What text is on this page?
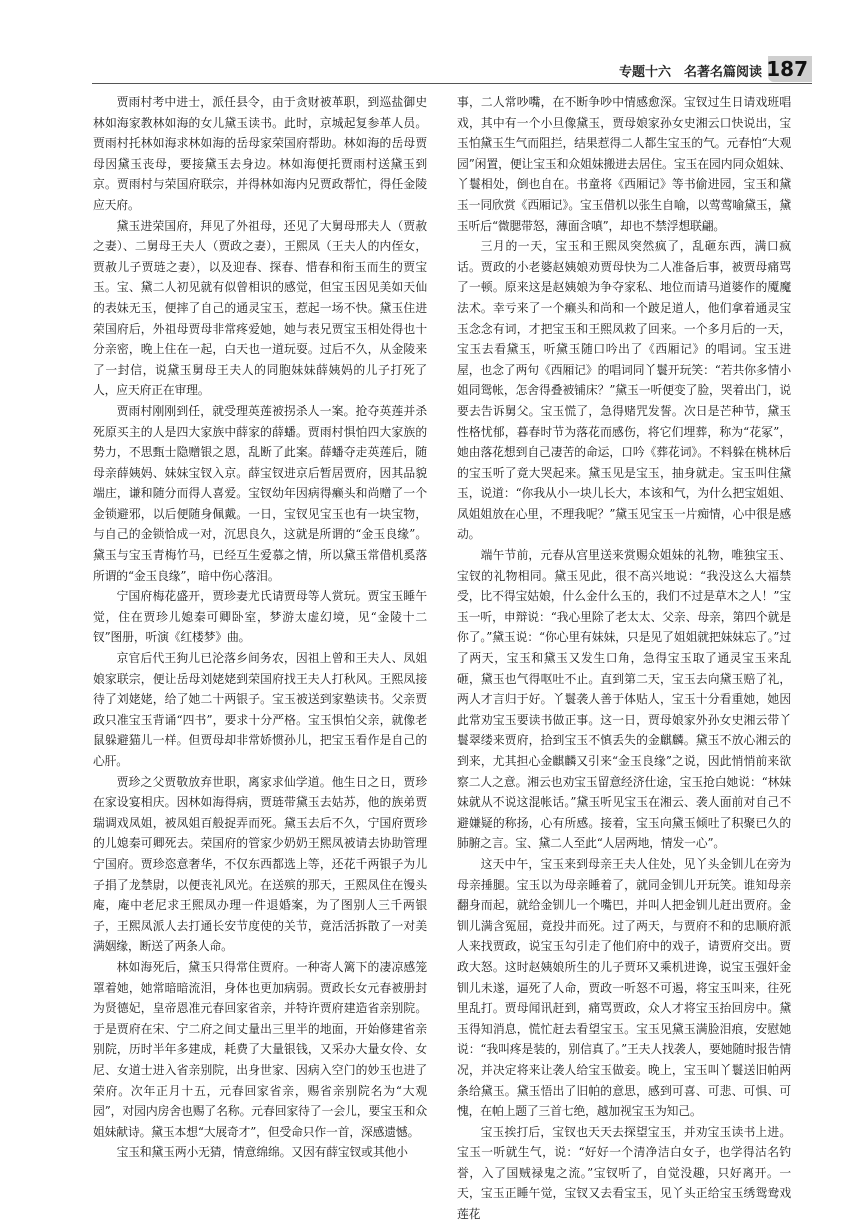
专题十六　名著名篇阅读 187

贾雨村考中进士，派任县令，由于贪财被革职，到巡盐御史林如海家教林如海的女儿黛玉读书。此时，京城起复参革人员。贾雨村托林如海求林如海的岳母家荣国府帮助。林如海的岳母贾母因黛玉丧母，要接黛玉去身边。林如海便托贾雨村送黛玉到京。贾雨村与荣国府联宗，并得林如海内兄贾政帮忙，得任金陵应天府。

黛玉进荣国府，拜见了外祖母，还见了大舅母邢夫人（贾赦之妻）、二舅母王夫人（贾政之妻），王熙凤（王夫人的内侄女，贾赦儿子贾琏之妻），以及迎春、探春、惜春和衔玉而生的贾宝玉。宝、黛二人初见就有似曾相识的感觉，但宝玉因见美如天仙的表妹无玉，便摔了自己的通灵宝玉，惹起一场不快。黛玉住进荣国府后，外祖母贾母非常疼爱她，她与表兄贾宝玉相处得也十分亲密，晚上住在一起，白天也一道玩耍。过后不久，从金陵来了一封信，说黛玉舅母王夫人的同胞妹妹薛姨妈的儿子打死了人，应天府正在审理。

贾雨村刚刚到任，就受理英莲被拐杀人一案。抢夺英莲并杀死原买主的人是四大家族中薛家的薛蟠。贾雨村惧怕四大家族的势力，不思甄士隐赠银之恩，乱断了此案。薛蟠夺走英莲后，随母亲薛姨妈、妹妹宝钗入京。薛宝钗进京后暂居贾府，因其品貌端庄，谦和随分而得人喜爱。宝钗幼年因病得癞头和尚赠了一个金锁避邪，以后便随身佩戴。一日，宝钗见宝玉也有一块宝物，与自己的金锁恰成一对，沉思良久，这就是所谓的“金玉良缘”。黛玉与宝玉青梅竹马，已经互生爱慕之情，所以黛玉常借机奚落所谓的“金玉良缘”，暗中伤心落泪。

宁国府梅花盛开，贾珍妻尤氏请贾母等人赏玩。贾宝玉睡午觉，住在贾珍儿媳秦可卿卧室，梦游太虚幻境，见“金陵十二钗”图册，听演《红楼梦》曲。

京官后代王狗儿已沦落乡间务农，因祖上曾和王夫人、凤姐娘家联宗，便让岳母刘姥姥到荣国府找王夫人打秋风。王熙凤接待了刘姥姥，给了她二十两银子。宝玉被送到家塾读书。父亲贾政只准宝玉背诵“四书”，要求十分严格。宝玉惧怕父亲，就像老鼠躲避猫儿一样。但贾母却非常娇惯孙儿，把宝玉看作是自己的心肝。

贾珍之父贾敬放弃世职，离家求仙学道。他生日之日，贾珍在家设宴相庆。因林如海得病，贾琏带黛玉去姑苏，他的族弟贾瑞调戏凤姐，被凤姐百般捉弄而死。黛玉去后不久，宁国府贾珍的儿媳秦可卿死去。荣国府的管家少奶奶王熙凤被请去协助管理宁国府。贾珍恣意奢华，不仅东西都选上等，还花千两银子为儿子捐了龙禁尉，以便丧礼风光。在送殡的那天，王熙凤住在馒头庵，庵中老尼求王熙凤办理一件退婚案，为了图别人三千两银子，王熙凤派人去打通长安节度使的关节，竟活活拆散了一对美满姻缘，断送了两条人命。

林如海死后，黛玉只得常住贾府。一种寄人篱下的凄凉感笼罩着她，她常暗暗流泪，身体也更加病弱。贾政长女元春被册封为贤德妃，皇帝恩准元春回家省亲，并特许贾府建造省亲别院。于是贾府在宋、宁二府之间丈量出三里半的地面，开始修建省亲别院，历时半年多建成，耗费了大量银钱，又采办大量女伶、女尼、女道士进入省亲别院，出身世家、因病入空门的妙玉也进了荣府。次年正月十五，元春回家省亲，赐省亲别院名为“大观园”，对园内房舍也赐了名称。元春回家待了一会儿，要宝玉和众姐妹献诗。黛玉本想“大展奇才”，但受命只作一首，深感遗憾。

宝玉和黛玉两小无猜，情意绵绵。又因有薛宝钗或其他小

事，二人常吵嘴，在不断争吵中情感愈深。宝钗过生日请戏班唱戏，其中有一个小旦像黛玉，贾母娘家孙女史湘云口快说出，宝玉怕黛玉生气而阻拦，结果惹得二人都生宝玉的气。元春怕“大观园”闲置，便让宝玉和众姐妹搬进去居住。宝玉在园内同众姐妹、丫鬟相处，倒也自在。书童将《西厢记》等书偷进园，宝玉和黛玉一同欣赏《西厢记》。宝玉借机以张生自喻，以莺莺喻黛玉，黛玉听后“微腮带怒，薄面含嗔”，却也不禁浮想联翩。

三月的一天，宝玉和王熙凤突然疯了，乱砸东西，满口疯话。贾政的小老婆赵姨娘劝贾母快为二人准备后事，被贾母痛骂了一顿。原来这是赵姨娘为争夺家私、地位而请马道婆作的魇魔法术。幸亏来了一个癞头和尚和一个跛足道人，他们拿着通灵宝玉念念有词，才把宝玉和王熙凤救了回来。一个多月后的一天，宝玉去看黛玉，听黛玉随口吟出了《西厢记》的唱词。宝玉进屋，也念了两句《西厢记》的唱词同丫鬟开玩笑：“若共你多情小姐同鸳帐，怎舍得叠被铺床？”黛玉一听便变了脸，哭着出门，说要去告诉舅父。宝玉慌了，急得赌咒发誓。次日是芒种节，黛玉性格忧郁，暮春时节为落花而感伤，将它们埋葬，称为“花冢”，她由落花想到自己凄苦的命运，口吟《葬花词》。不料躲在桃林后的宝玉听了竟大哭起来。黛玉见是宝玉，抽身就走。宝玉叫住黛玉，说道：“你我从小一块儿长大，本该和气，为什么把宝姐姐、凤姐姐放在心里，不理我呢？”黛玉见宝玉一片痴情，心中很是感动。

端午节前，元春从宫里送来赏赐众姐妹的礼物，唯独宝玉、宝钗的礼物相同。黛玉见此，很不高兴地说：“我没这么大福禁受，比不得宝姑娘，什么金什么玉的，我们不过是草木之人！”宝玉一听，申辩说：“我心里除了老太太、父亲、母亲，第四个就是你了。”黛玉说：“你心里有妹妹，只是见了姐姐就把妹妹忘了。”过了两天，宝玉和黛玉又发生口角，急得宝玉取了通灵宝玉来乱砸，黛玉也气得呕吐不止。直到第二天，宝玉去向黛玉赔了礼，两人才言归于好。丫鬟袭人善于体贴人，宝玉十分看重她，她因此常劝宝玉要读书做正事。这一日，贾母娘家外孙女史湘云带丫鬟翠缕来贾府，拾到宝玉不慎丢失的金麒麟。黛玉不放心湘云的到来，尤其担心金麒麟又引来“金玉良缘”之说，因此悄悄前来欲察二人之意。湘云也劝宝玉留意经济仕途，宝玉抢白她说：“林妹妹就从不说这混帐话。”黛玉听见宝玉在湘云、袭人面前对自己不避嫌疑的称扬，心有所感。接着，宝玉向黛玉倾吐了积聚已久的肺腑之言。宝、黛二人至此“人居两地，情发一心”。

这天中午，宝玉来到母亲王夫人住处，见丫头金钏儿在旁为母亲捶腿。宝玉以为母亲睡着了，就同金钏儿开玩笑。谁知母亲翻身而起，就给金钏儿一个嘴巴，并叫人把金钏儿赶出贾府。金钏儿满含冤屈，竟投井而死。过了两天，与贾府不和的忠顺府派人来找贾政，说宝玉勾引走了他们府中的戏子，请贾府交出。贾政大怒。这时赵姨娘所生的儿子贾环又乘机进谗，说宝玉强奸金钏儿未遂，逼死了人命，贾政一听怒不可遏，将宝玉叫来，往死里乱打。贾母闻讯赶到，痛骂贾政，众人才将宝玉抬回房中。黛玉得知消息，慌忙赶去看望宝玉。宝玉见黛玉满脸泪痕，安慰她说：“我叫疼是装的，别信真了。”王夫人找袭人，要她随时报告情况，并决定将来让袭人给宝玉做妾。晚上，宝玉叫丫鬟送旧帕两条给黛玉。黛玉悟出了旧帕的意思，感到可喜、可悲、可惧、可愧，在帕上题了三首七绝，越加视宝玉为知己。

宝玉挨打后，宝钗也天天去探望宝玉，并劝宝玉读书上进。宝玉一听就生气，说：“好好一个清净洁白女子，也学得沽名钓誉，入了国贼禄鬼之流。”宝钗听了，自觉没趣，只好离开。一天，宝玉正睡午觉，宝钗又去看宝玉，见丫头正给宝玉绣鸳鸯戏莲花
